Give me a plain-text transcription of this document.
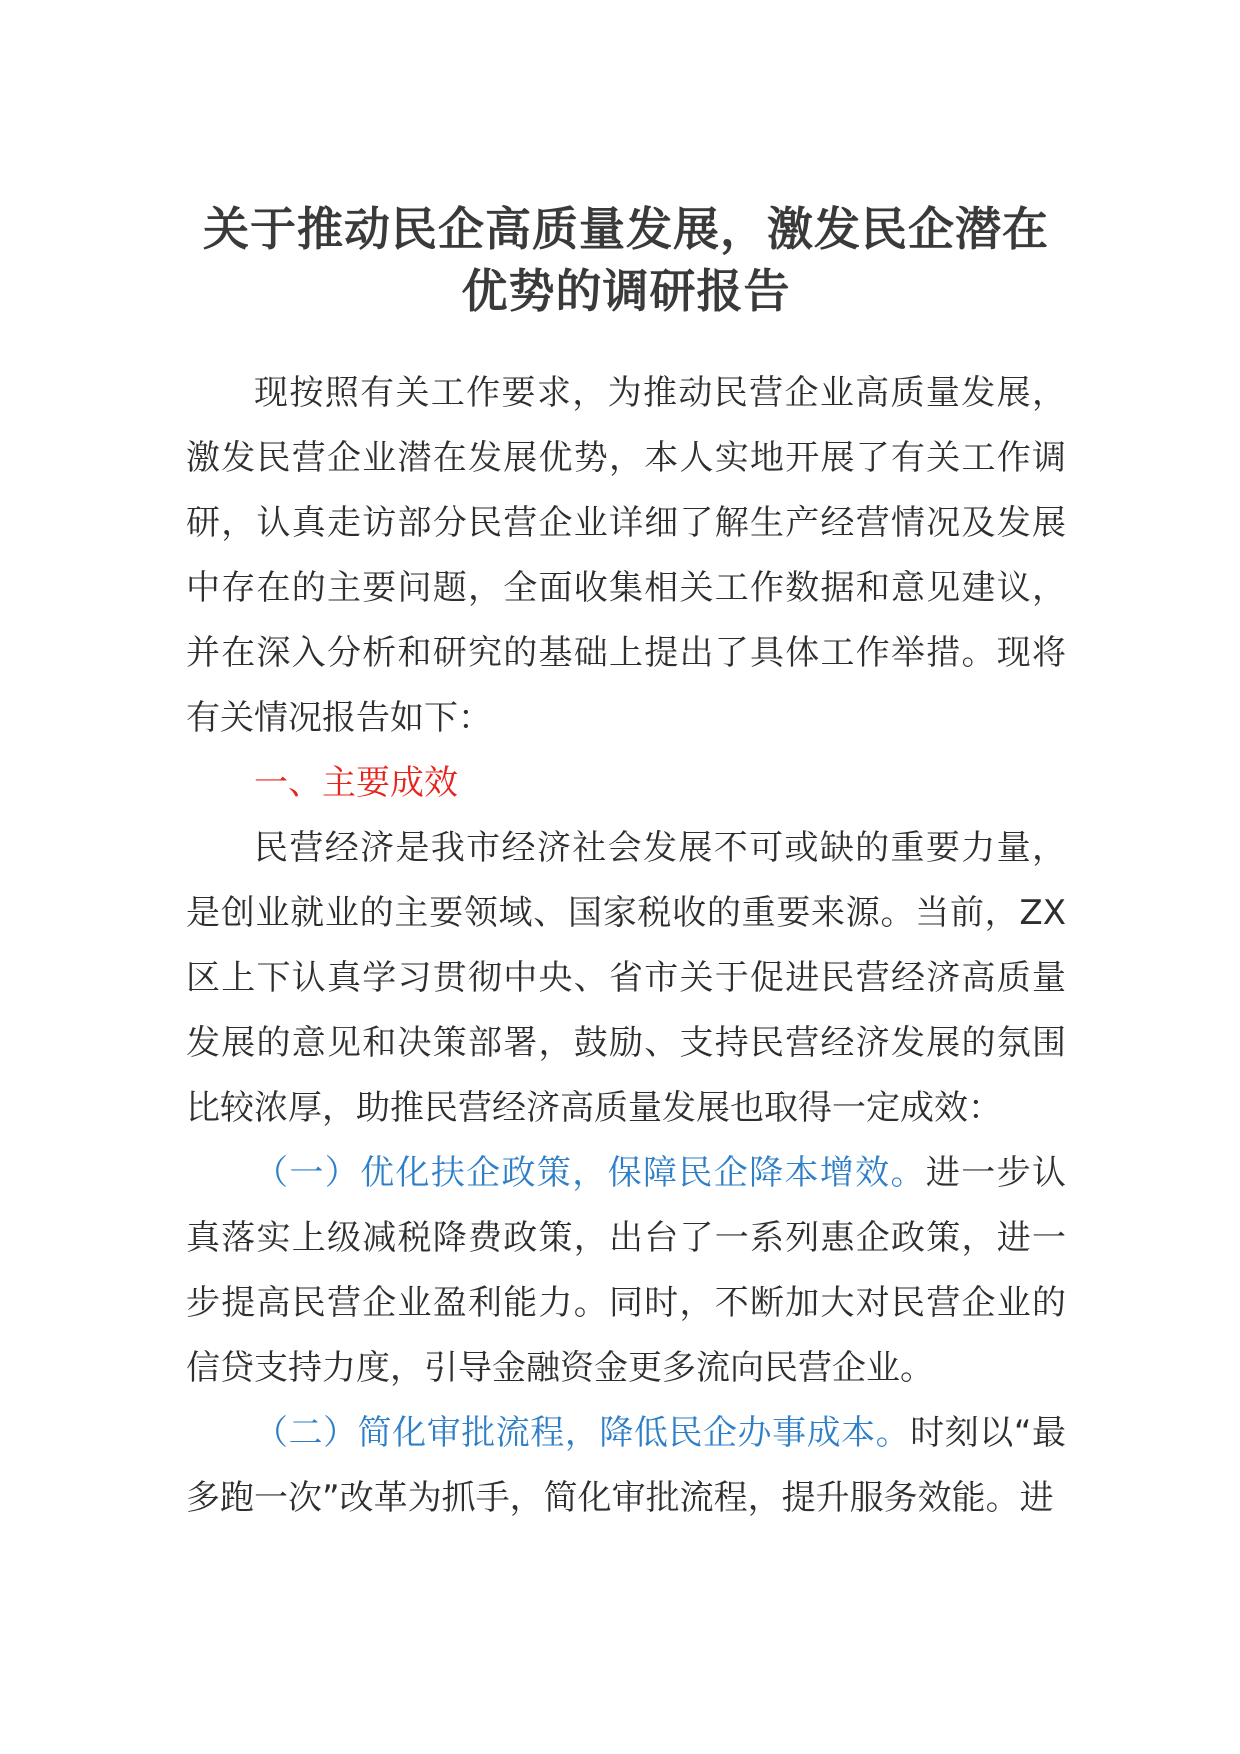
关于推动民企高质量发展，激发民企潜在优势的调研报告

现按照有关工作要求，为推动民营企业高质量发展，激发民营企业潜在发展优势，本人实地开展了有关工作调研，认真走访部分民营企业详细了解生产经营情况及发展中存在的主要问题，全面收集相关工作数据和意见建议，并在深入分析和研究的基础上提出了具体工作举措。现将有关情况报告如下：

一、主要成效

民营经济是我市经济社会发展不可或缺的重要力量，是创业就业的主要领域、国家税收的重要来源。当前，ZX区上下认真学习贯彻中央、省市关于促进民营经济高质量发展的意见和决策部署，鼓励、支持民营经济发展的氛围比较浓厚，助推民营经济高质量发展也取得一定成效：

（一）优化扶企政策，保障民企降本增效。进一步认真落实上级减税降费政策，出台了一系列惠企政策，进一步提高民营企业盈利能力。同时，不断加大对民营企业的信贷支持力度，引导金融资金更多流向民营企业。

（二）简化审批流程，降低民企办事成本。时刻以“最多跑一次”改革为抓手，简化审批流程，提升服务效能。进
